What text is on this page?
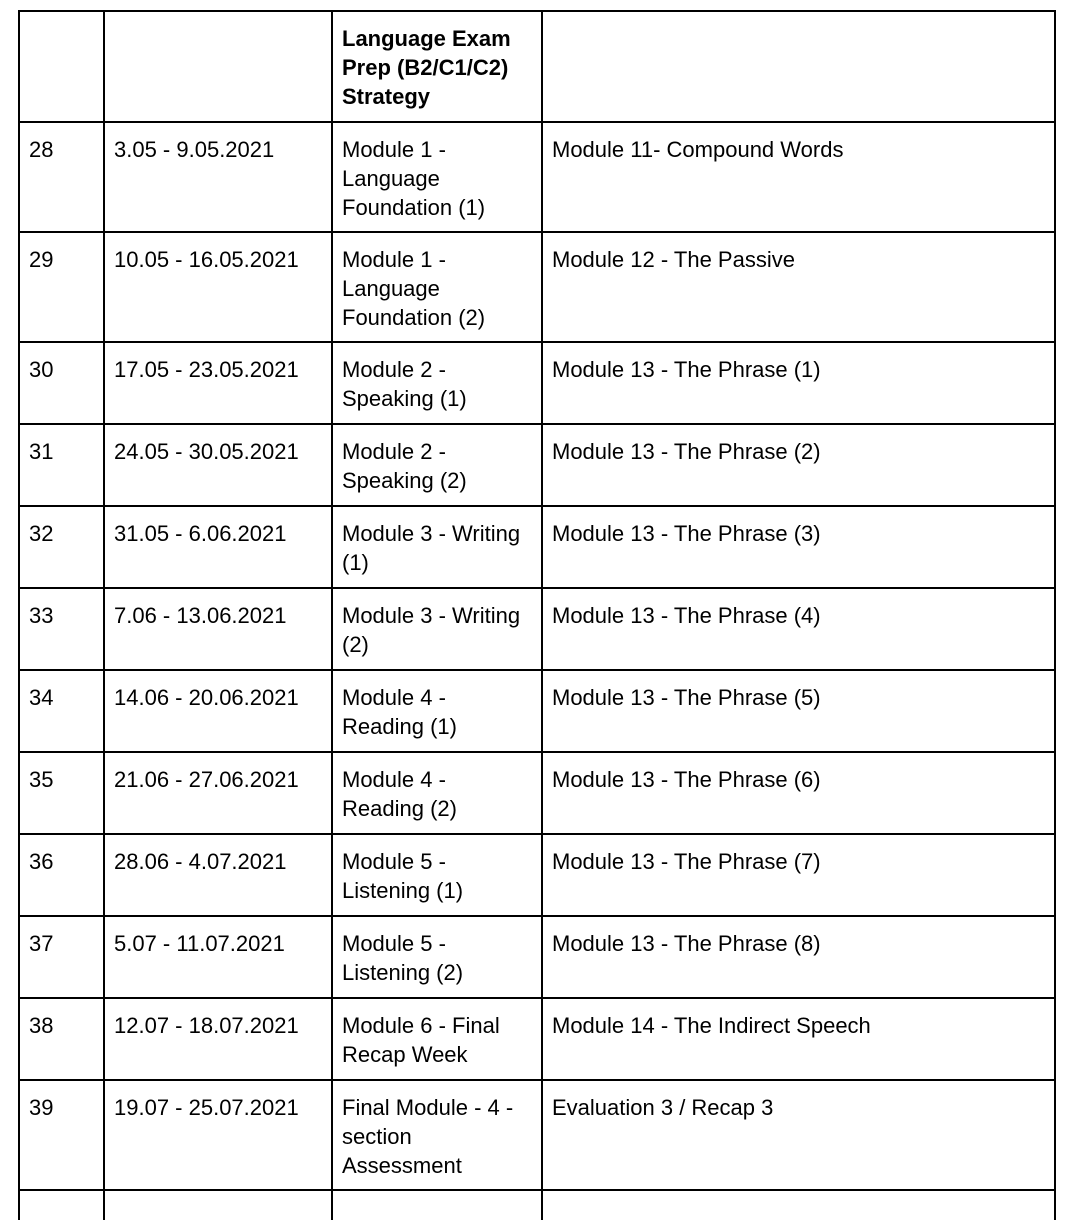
		Language Exam Prep (B2/C1/C2) Strategy	
28	3.05 - 9.05.2021	Module 1 - Language Foundation (1)	Module 11- Compound Words
29	10.05 - 16.05.2021	Module 1 - Language Foundation (2)	Module 12 - The Passive
30	17.05 - 23.05.2021	Module 2 - Speaking (1)	Module 13 - The Phrase (1)
31	24.05 - 30.05.2021	Module 2 - Speaking (2)	Module 13 - The Phrase (2)
32	31.05 - 6.06.2021	Module 3 - Writing (1)	Module 13 - The Phrase (3)
33	7.06 - 13.06.2021	Module 3 - Writing (2)	Module 13 - The Phrase (4)
34	14.06 - 20.06.2021	Module 4 - Reading (1)	Module 13 - The Phrase (5)
35	21.06 - 27.06.2021	Module 4 - Reading (2)	Module 13 - The Phrase (6)
36	28.06 - 4.07.2021	Module 5 - Listening (1)	Module 13 - The Phrase (7)
37	5.07 - 11.07.2021	Module 5 - Listening (2)	Module 13 - The Phrase (8)
38	12.07 - 18.07.2021	Module 6 - Final Recap Week	Module 14 - The Indirect Speech
39	19.07 - 25.07.2021	Final Module - 4 - section Assessment	Evaluation 3 / Recap 3
